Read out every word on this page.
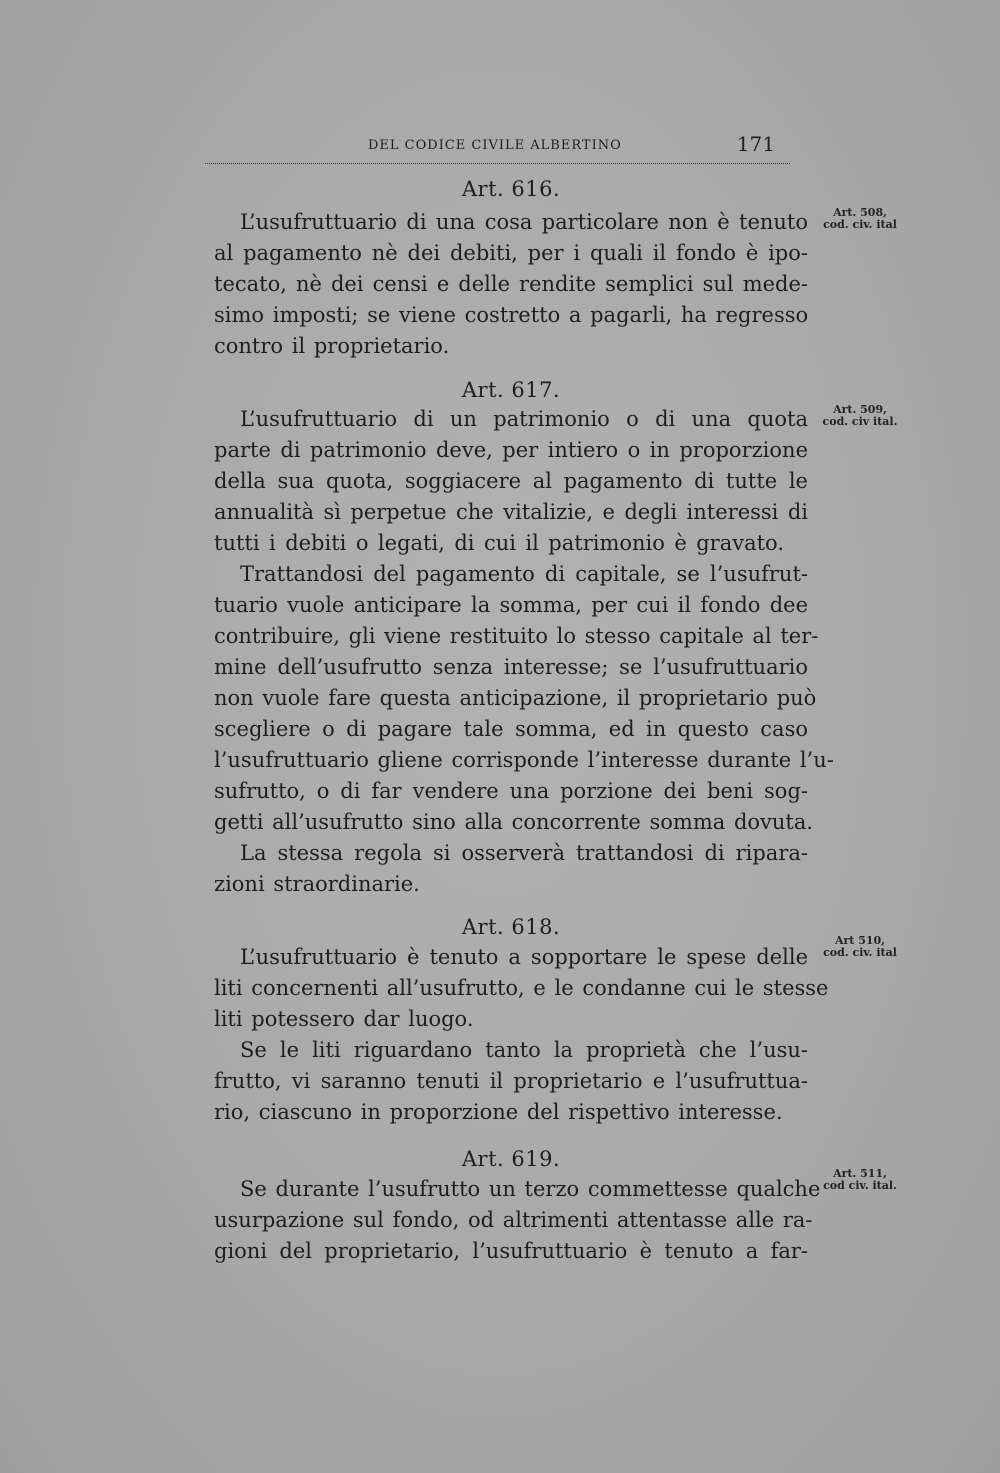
DEL CODICE CIVILE ALBERTINO	171
Art. 616.
Art. 508,
cod. civ. ital
L’usufruttuario di una cosa particolare non è tenuto
al pagamento nè dei debiti, per i quali il fondo è ipo-
tecato, nè dei censi e delle rendite semplici sul mede-
simo imposti; se viene costretto a pagarli, ha regresso
contro il proprietario.
Art. 617.
Art. 509,
cod. civ ital.
L’usufruttuario di un patrimonio o di una quota
parte di patrimonio deve, per intiero o in proporzione
della sua quota, soggiacere al pagamento di tutte le
annualità sì perpetue che vitalizie, e degli interessi di
tutti i debiti o legati, di cui il patrimonio è gravato.
Trattandosi del pagamento di capitale, se l’usufrut-
tuario vuole anticipare la somma, per cui il fondo dee
contribuire, gli viene restituito lo stesso capitale al ter-
mine dell’usufrutto senza interesse; se l’usufruttuario
non vuole fare questa anticipazione, il proprietario può
scegliere o di pagare tale somma, ed in questo caso
l’usufruttuario gliene corrisponde l’interesse durante l’u-
sufrutto, o di far vendere una porzione dei beni sog-
getti all’usufrutto sino alla concorrente somma dovuta.
La stessa regola si osserverà trattandosi di ripara-
zioni straordinarie.
Art. 618.
Art 510,
cod. civ. ital
L’usufruttuario è tenuto a sopportare le spese delle
liti concernenti all’usufrutto, e le condanne cui le stesse
liti potessero dar luogo.
Se le liti riguardano tanto la proprietà che l’usu-
frutto, vi saranno tenuti il proprietario e l’usufruttua-
rio, ciascuno in proporzione del rispettivo interesse.
Art. 619.
Art. 511,
cod civ. ital.
Se durante l’usufrutto un terzo commettesse qualche
usurpazione sul fondo, od altrimenti attentasse alle ra-
gioni del proprietario, l’usufruttuario è tenuto a far-
